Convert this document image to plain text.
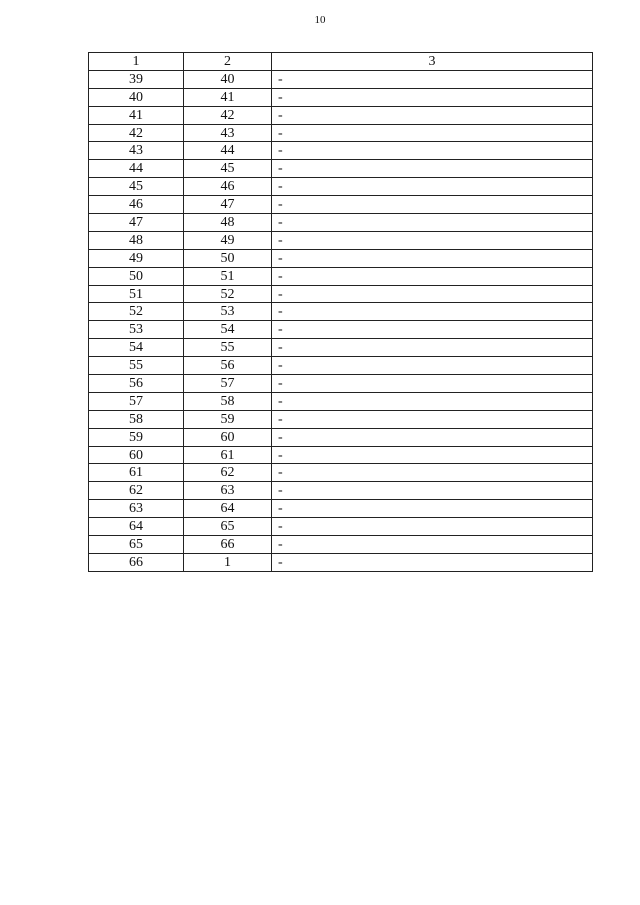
10
1	2	3
39	40	-
40	41	-
41	42	-
42	43	-
43	44	-
44	45	-
45	46	-
46	47	-
47	48	-
48	49	-
49	50	-
50	51	-
51	52	-
52	53	-
53	54	-
54	55	-
55	56	-
56	57	-
57	58	-
58	59	-
59	60	-
60	61	-
61	62	-
62	63	-
63	64	-
64	65	-
65	66	-
66	1	-
